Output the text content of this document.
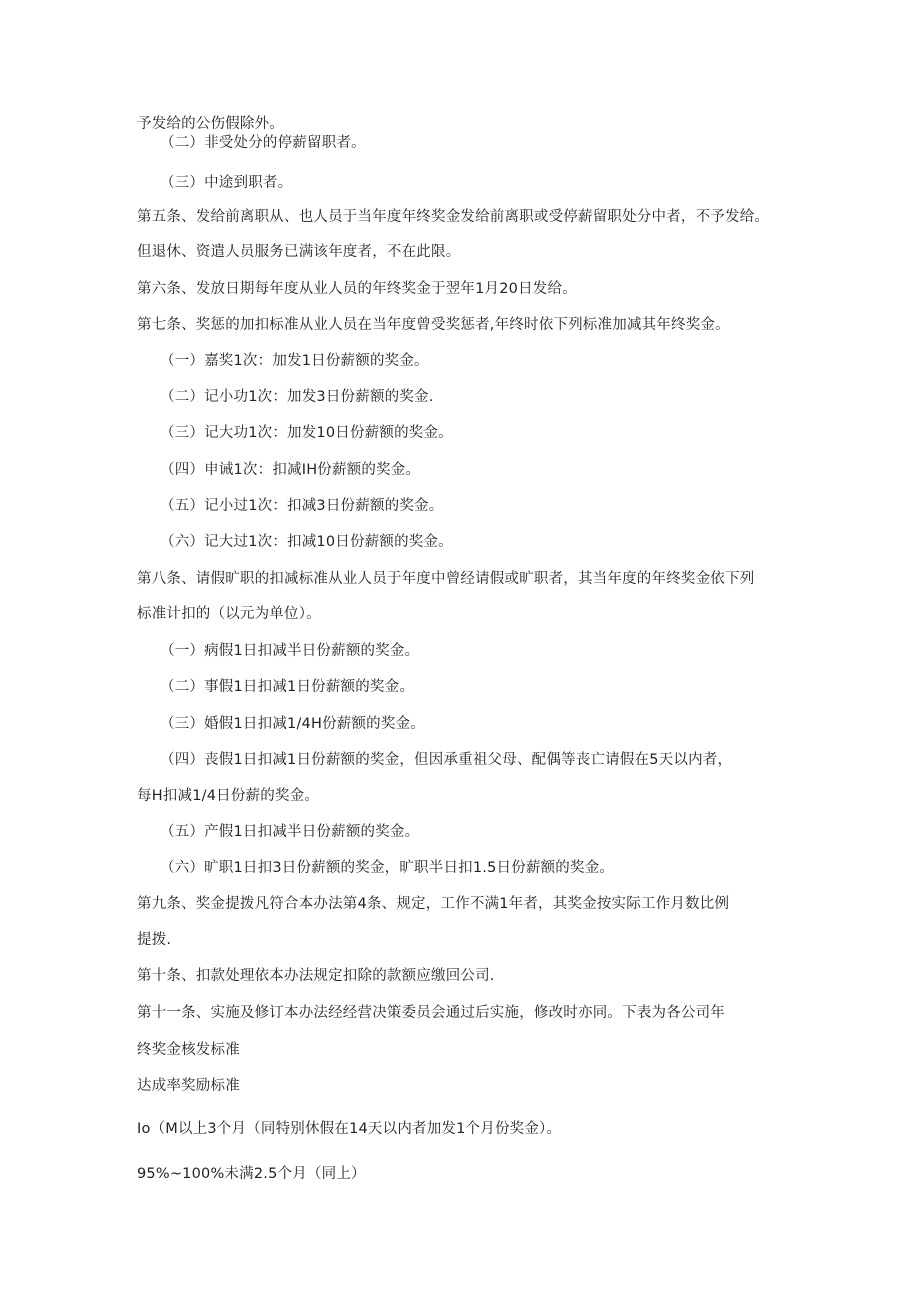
予发给的公伤假除外。
（二）非受处分的停薪留职者。
（三）中途到职者。
第五条、发给前离职从、也人员于当年度年终奖金发给前离职或受停薪留职处分中者，不予发给。
但退休、资遣人员服务已满该年度者，不在此限。
第六条、发放日期每年度从业人员的年终奖金于翌年1月20日发给。
第七条、奖惩的加扣标准从业人员在当年度曾受奖惩者,年终时依下列标准加减其年终奖金。
（一）嘉奖1次：加发1日份薪额的奖金。
（二）记小功1次：加发3日份薪额的奖金.
（三）记大功1次：加发10日份薪额的奖金。
（四）申诫1次：扣减IH份薪额的奖金。
（五）记小过1次：扣减3日份薪额的奖金。
（六）记大过1次：扣减10日份薪额的奖金。
第八条、请假旷职的扣减标准从业人员于年度中曾经请假或旷职者，其当年度的年终奖金依下列
标准计扣的（以元为单位）。
（一）病假1日扣减半日份薪额的奖金。
（二）事假1日扣减1日份薪额的奖金。
（三）婚假1日扣减1/4H份薪额的奖金。
（四）丧假1日扣减1日份薪额的奖金，但因承重祖父母、配偶等丧亡请假在5天以内者，
每H扣减1/4日份薪的奖金。
（五）产假1日扣减半日份薪额的奖金。
（六）旷职1日扣3日份薪额的奖金，旷职半日扣1.5日份薪额的奖金。
第九条、奖金提拨凡符合本办法第4条、规定，工作不满1年者，其奖金按实际工作月数比例
提拨.
第十条、扣款处理依本办法规定扣除的款额应缴回公司.
第十一条、实施及修订本办法经经营决策委员会通过后实施，修改时亦同。下表为各公司年
终奖金核发标准
达成率奖励标准
Io（M以上3个月（同特别休假在14天以内者加发1个月份奖金）。
95%~100%未满2.5个月（同上）
